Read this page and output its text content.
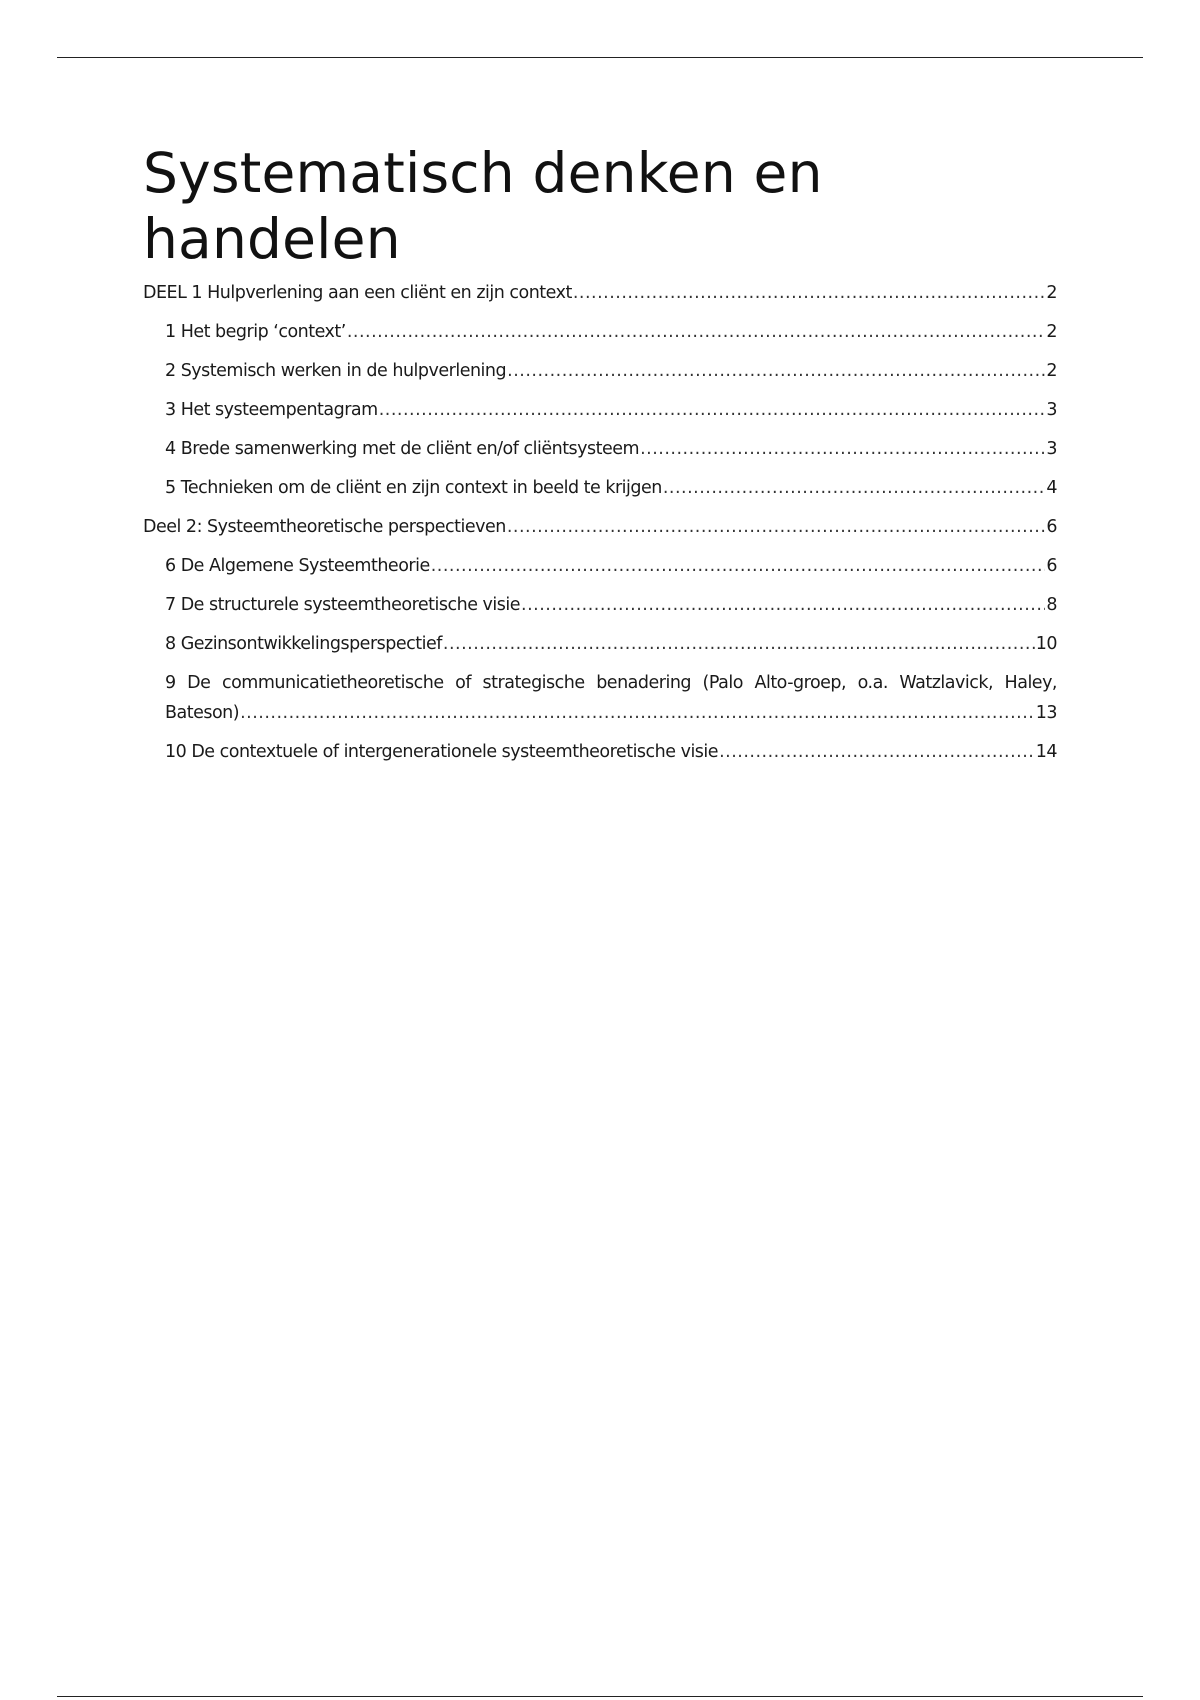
Systematisch denken en handelen
DEEL 1 Hulpverlening aan een cliënt en zijn context .....	2
1 Het begrip ‘context’ .....	2
2 Systemisch werken in de hulpverlening .....	2
3 Het systeempentagram .....	3
4 Brede samenwerking met de cliënt en/of cliëntsysteem .....	3
5 Technieken om de cliënt en zijn context in beeld te krijgen .....	4
Deel 2: Systeemtheoretische perspectieven .....	6
6 De Algemene Systeemtheorie .....	6
7 De structurele systeemtheoretische visie .....	8
8 Gezinsontwikkelingsperspectief .....	10
9 De communicatietheoretische of strategische benadering (Palo Alto-groep, o.a. Watzlavick, Haley,
Bateson) .....	13
10 De contextuele of intergenerationele systeemtheoretische visie .....	14
